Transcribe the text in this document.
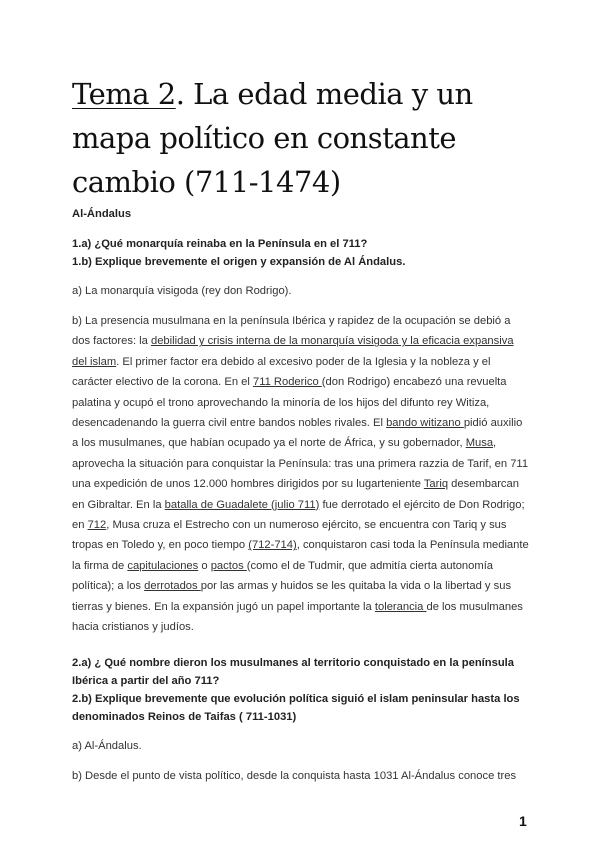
Tema 2. La edad media y un mapa político en constante cambio (711-1474)

Al-Ándalus

1.a) ¿Qué monarquía reinaba en la Península en el 711?

1.b) Explique brevemente el origen y expansión de Al Ándalus.

a) La monarquía visigoda (rey don Rodrigo).

b) La presencia musulmana en la península Ibérica y rapidez de la ocupación se debió a dos factores: la debilidad y crisis interna de la monarquía visigoda y la eficacia expansiva del islam. El primer factor era debido al excesivo poder de la Iglesia y la nobleza y el carácter electivo de la corona. En el 711 Roderico (don Rodrigo) encabezó una revuelta palatina y ocupó el trono aprovechando la minoría de los hijos del difunto rey Witiza, desencadenando la guerra civil entre bandos nobles rivales. El bando witizano pidió auxilio a los musulmanes, que habían ocupado ya el norte de África, y su gobernador, Musa, aprovecha la situación para conquistar la Península: tras una primera razzia de Tarif, en 711 una expedición de unos 12.000 hombres dirigidos por su lugarteniente Tariq desembarcan en Gibraltar. En la batalla de Guadalete (julio 711) fue derrotado el ejército de Don Rodrigo; en 712, Musa cruza el Estrecho con un numeroso ejército, se encuentra con Tariq y sus tropas en Toledo y, en poco tiempo (712-714), conquistaron casi toda la Península mediante la firma de capitulaciones o pactos (como el de Tudmir, que admitía cierta autonomía política); a los derrotados por las armas y huidos se les quitaba la vida o la libertad y sus tierras y bienes. En la expansión jugó un papel importante la tolerancia de los musulmanes hacia cristianos y judíos.

2.a) ¿ Qué nombre dieron los musulmanes al territorio conquistado en la península Ibérica a partir del año 711?

2.b) Explique brevemente que evolución política siguió el islam peninsular hasta los denominados Reinos de Taifas ( 711-1031)

a) Al-Ándalus.

b) Desde el punto de vista político, desde la conquista hasta 1031 Al-Ándalus conoce tres

1
